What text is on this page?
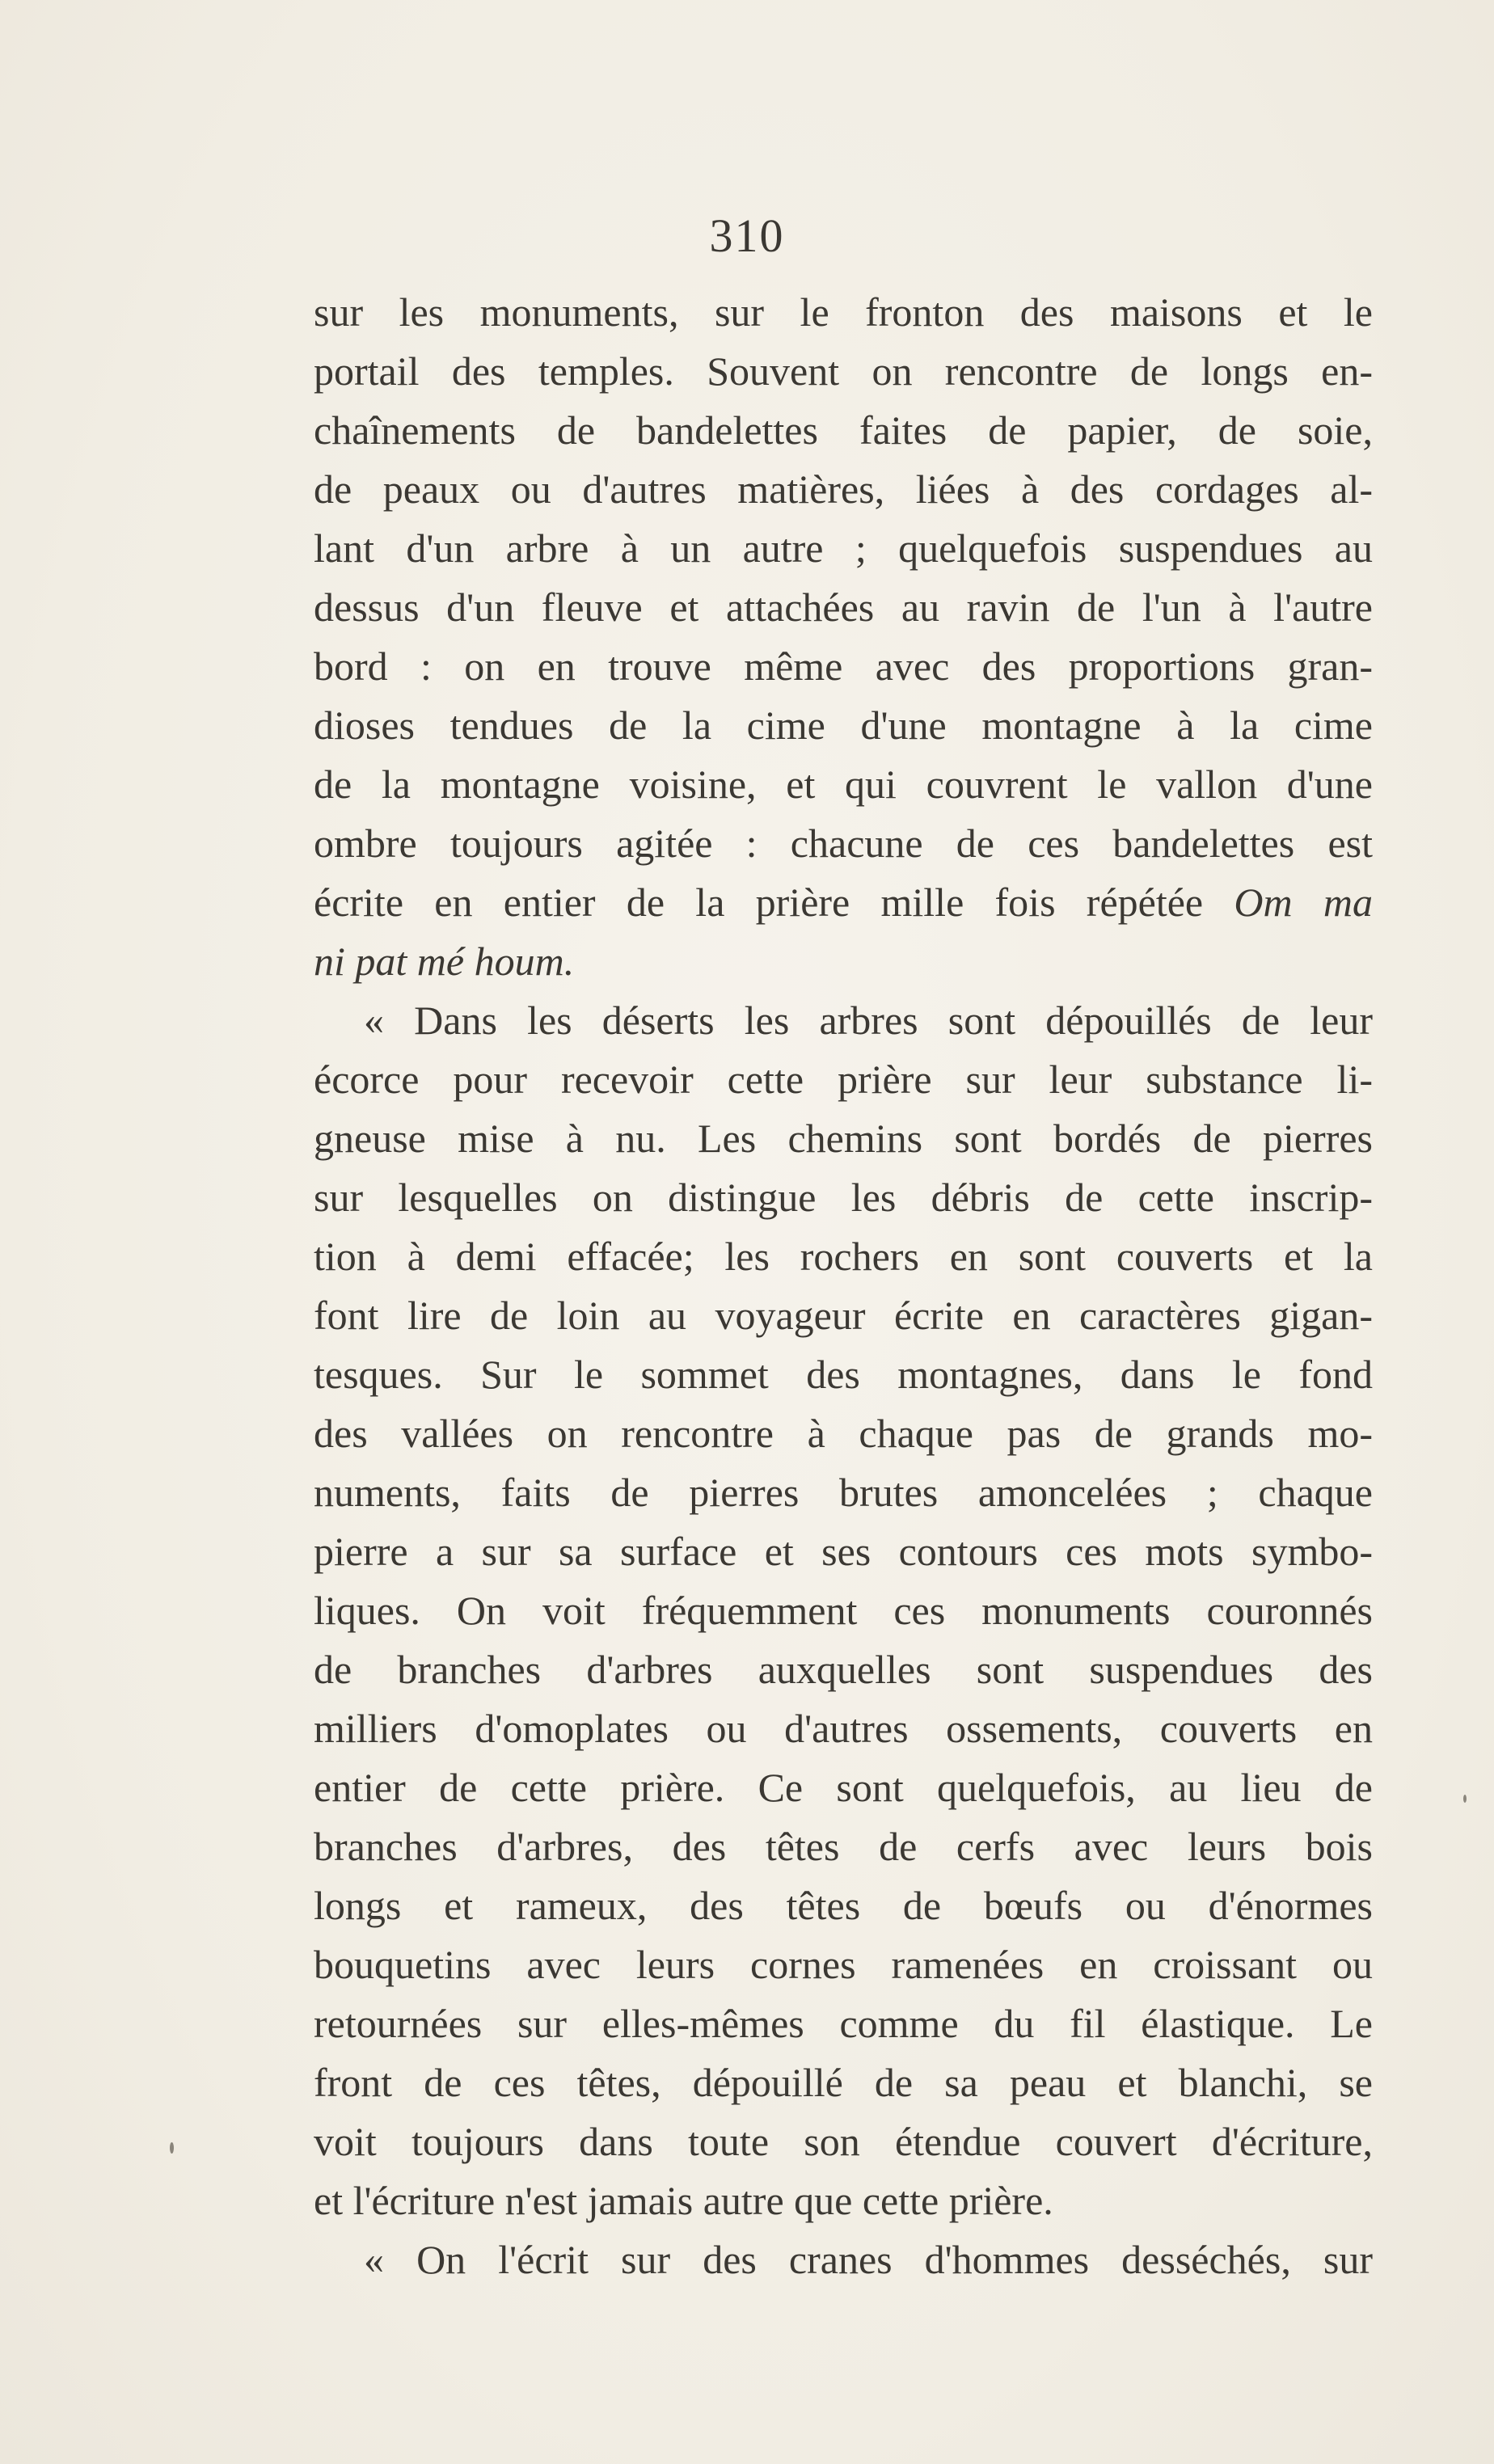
310
sur les monuments, sur le fronton des maisons et le
portail des temples. Souvent on rencontre de longs en-
chaînements de bandelettes faites de papier, de soie,
de peaux ou d'autres matières, liées à des cordages al-
lant d'un arbre à un autre ; quelquefois suspendues au
dessus d'un fleuve et attachées au ravin de l'un à l'autre
bord : on en trouve même avec des proportions gran-
dioses tendues de la cime d'une montagne à la cime
de la montagne voisine, et qui couvrent le vallon d'une
ombre toujours agitée : chacune de ces bandelettes est
écrite en entier de la prière mille fois répétée Om ma
ni pat mé houm.
« Dans les déserts les arbres sont dépouillés de leur
écorce pour recevoir cette prière sur leur substance li-
gneuse mise à nu. Les chemins sont bordés de pierres
sur lesquelles on distingue les débris de cette inscrip-
tion à demi effacée; les rochers en sont couverts et la
font lire de loin au voyageur écrite en caractères gigan-
tesques. Sur le sommet des montagnes, dans le fond
des vallées on rencontre à chaque pas de grands mo-
numents, faits de pierres brutes amoncelées ; chaque
pierre a sur sa surface et ses contours ces mots symbo-
liques. On voit fréquemment ces monuments couronnés
de branches d'arbres auxquelles sont suspendues des
milliers d'omoplates ou d'autres ossements, couverts en
entier de cette prière. Ce sont quelquefois, au lieu de
branches d'arbres, des têtes de cerfs avec leurs bois
longs et rameux, des têtes de bœufs ou d'énormes
bouquetins avec leurs cornes ramenées en croissant ou
retournées sur elles-mêmes comme du fil élastique. Le
front de ces têtes, dépouillé de sa peau et blanchi, se
voit toujours dans toute son étendue couvert d'écriture,
et l'écriture n'est jamais autre que cette prière.
« On l'écrit sur des cranes d'hommes desséchés, sur
